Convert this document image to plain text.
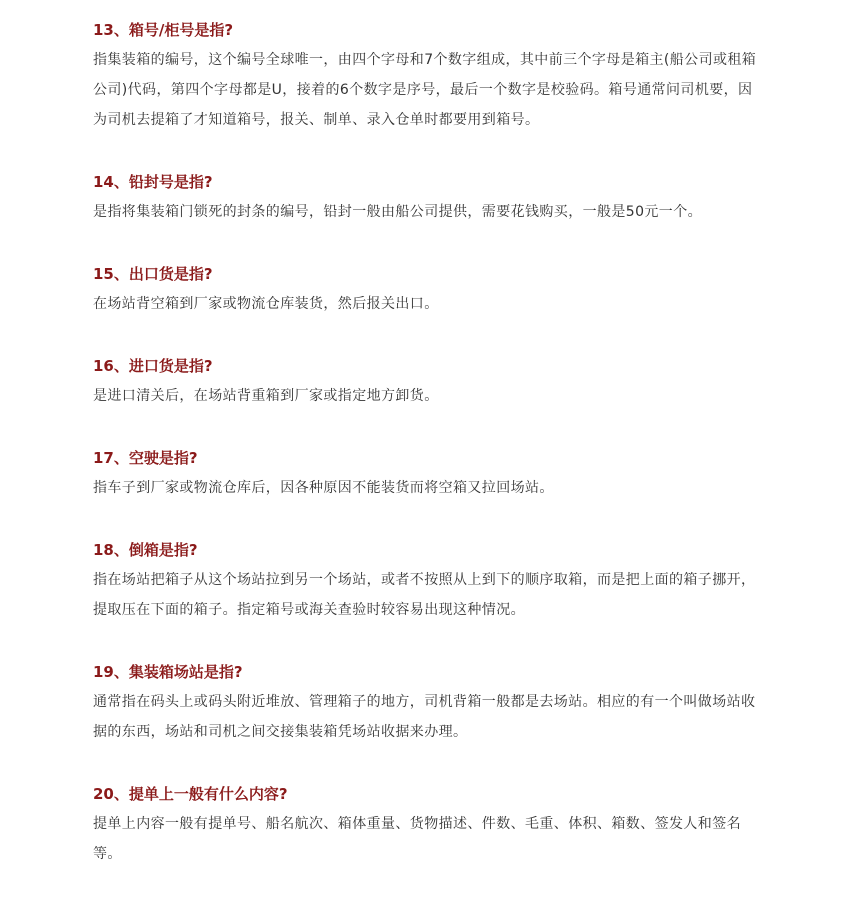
13、箱号/柜号是指?
指集装箱的编号，这个编号全球唯一，由四个字母和7个数字组成，其中前三个字母是箱主(船公司或租箱公司)代码，第四个字母都是U，接着的6个数字是序号，最后一个数字是校验码。箱号通常问司机要，因为司机去提箱了才知道箱号，报关、制单、录入仓单时都要用到箱号。
14、铅封号是指?
是指将集装箱门锁死的封条的编号，铅封一般由船公司提供，需要花钱购买，一般是50元一个。
15、出口货是指?
在场站背空箱到厂家或物流仓库装货，然后报关出口。
16、进口货是指?
是进口清关后，在场站背重箱到厂家或指定地方卸货。
17、空驶是指?
指车子到厂家或物流仓库后，因各种原因不能装货而将空箱又拉回场站。
18、倒箱是指?
指在场站把箱子从这个场站拉到另一个场站，或者不按照从上到下的顺序取箱，而是把上面的箱子挪开，提取压在下面的箱子。指定箱号或海关查验时较容易出现这种情况。
19、集装箱场站是指?
通常指在码头上或码头附近堆放、管理箱子的地方，司机背箱一般都是去场站。相应的有一个叫做场站收据的东西，场站和司机之间交接集装箱凭场站收据来办理。
20、提单上一般有什么内容?
提单上内容一般有提单号、船名航次、箱体重量、货物描述、件数、毛重、体积、箱数、签发人和签名等。
